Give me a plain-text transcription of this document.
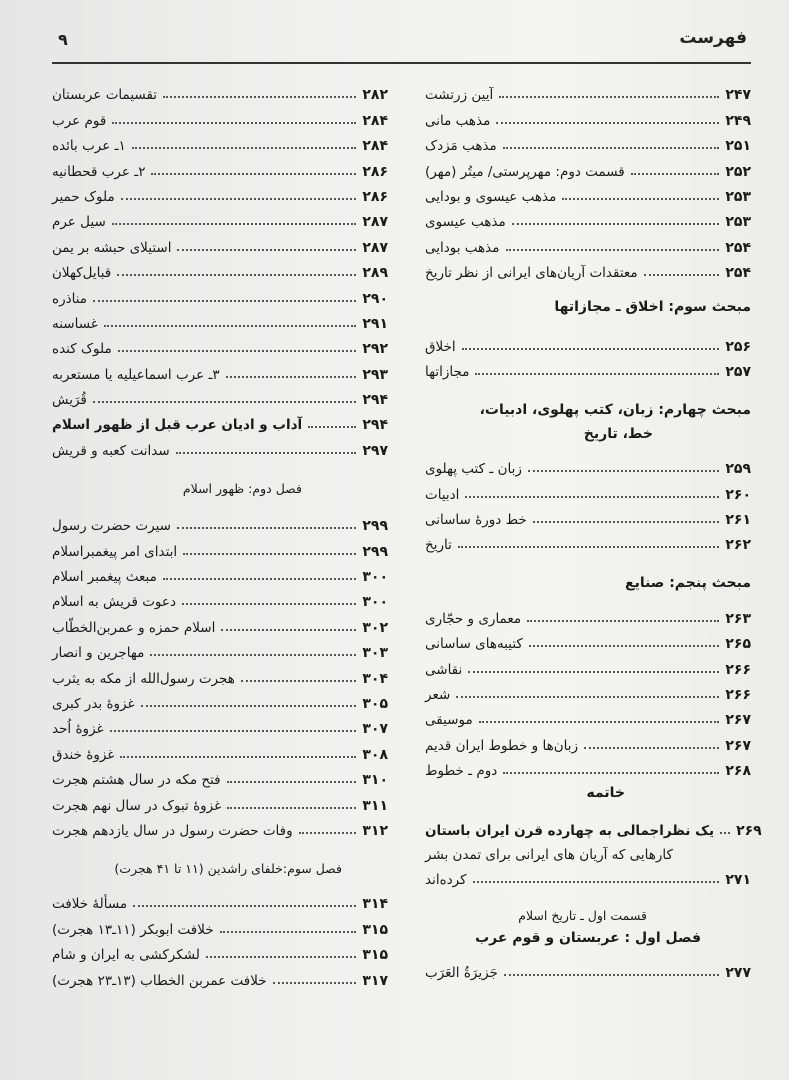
فهرست
۹
آیین زرتشت	۲۴۷
مذهب مانی	۲۴۹
مذهب مَزدک	۲۵۱
قسمت دوم: مهرپرستی/ میتُر (مهر)	۲۵۲
مذهب عیسوی و بودایی	۲۵۳
مذهب عیسوی	۲۵۳
مذهب بودایی	۲۵۴
معتقدات آریان‌های ایرانی از نظر تاریخ	۲۵۴
مبحث سوم: اخلاق ـ مجازاتها
اخلاق	۲۵۶
مجازاتها	۲۵۷
مبحث چهارم: زبان، کتب پهلوی، ادبیات،
خط، تاریخ
زبان ـ کتب پهلوی	۲۵۹
ادبیات	۲۶۰
خط دورهٔ ساسانی	۲۶۱
تاریخ	۲۶۲
مبحث پنجم: صنایع
معماری و حجّاری	۲۶۳
کتیبه‌های ساسانی	۲۶۵
نقاشی	۲۶۶
شعر	۲۶۶
موسیقی	۲۶۷
زبان‌ها و خطوط ایران قدیم	۲۶۷
دوم ـ خطوط	۲۶۸
خاتمه
یک نظراجمالی به چهارده قرن ایران باستان ۲۶۹
کارهایی که آریان های ایرانی برای تمدن بشر
کرده‌اند	۲۷۱
قسمت اول ـ تاریخ اسلام
فصل اول : عربستان و قوم عرب
جَزیرَةُ العَرَب	۲۷۷
تقسیمات عربستان	۲۸۲
قوم عرب	۲۸۴
۱ـ عرب بائده	۲۸۴
۲ـ عرب قحطانیه	۲۸۶
ملوک حمیر	۲۸۶
سیل عرم	۲۸۷
استیلای حبشه بر یمن	۲۸۷
قبایل‌کهلان	۲۸۹
مناذره	۲۹۰
غساسنه	۲۹۱
ملوک کنده	۲۹۲
۳ـ عرب اسماعیلیه یا مستعربه	۲۹۳
قُرَیش	۲۹۴
آداب و ادیان عرب قبل از ظهور اسلام	۲۹۴
سدانت کعبه و قریش	۲۹۷
فصل دوم: ظهور اسلام
سیرت حضرت رسول	۲۹۹
ابتدای امر پیغمبراسلام	۲۹۹
مبعث پیغمبر اسلام	۳۰۰
دعوت قریش به اسلام	۳۰۰
اسلام حمزه و عمربن‌الخطّاب	۳۰۲
مهاجرین و انصار	۳۰۳
هجرت رسول‌الله از مکه به یثرب	۳۰۴
غزوهٔ بدر کبری	۳۰۵
غزوهٔ اُحد	۳۰۷
غزوهٔ خندق	۳۰۸
فتح مکه در سال هشتم هجرت	۳۱۰
غزوهٔ تبوک در سال نهم هجرت	۳۱۱
وفات حضرت رسول در سال یازدهم هجرت	۳۱۲
فصل سوم:خلفای راشدین (۱۱ تا ۴۱ هجرت)
مسألهٔ خلافت	۳۱۴
خلافت ابوبکر (۱۱ـ۱۳ هجرت)	۳۱۵
لشکرکشی به ایران و شام	۳۱۵
خلافت عمربن الخطاب (۱۳ـ۲۳ هجرت)	۳۱۷
